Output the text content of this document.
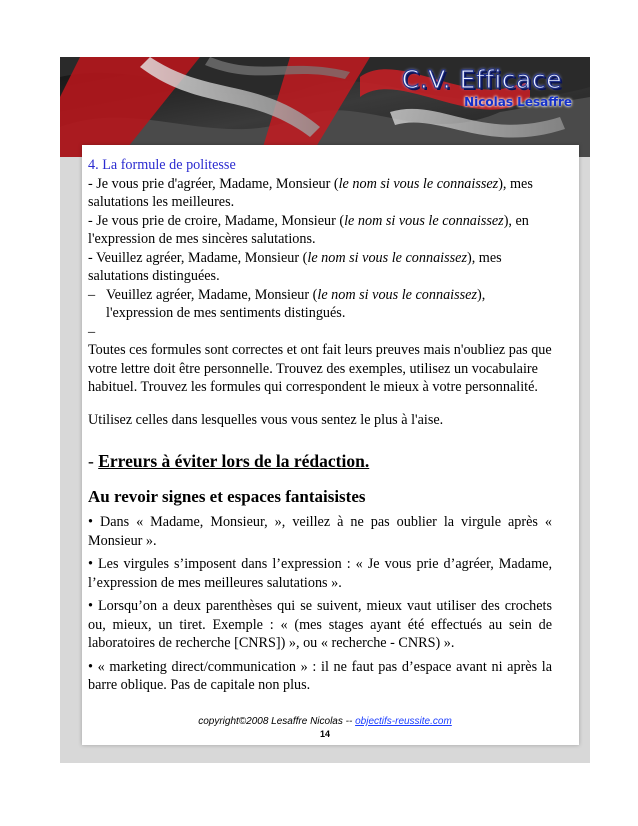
C.V. Efficace
Nicolas Lesaffre

4. La formule de politesse

- Je vous prie d'agréer, Madame, Monsieur (le nom si vous le connaissez), mes salutations les meilleures.

- Je vous prie de croire, Madame, Monsieur (le nom si vous le connaissez), en l'expression de mes sincères salutations.

- Veuillez agréer, Madame, Monsieur (le nom si vous le connaissez), mes salutations distinguées.

– Veuillez agréer, Madame, Monsieur (le nom si vous le connaissez), l'expression de mes sentiments distingués.

–

Toutes ces formules sont correctes et ont fait leurs preuves mais n'oubliez pas que votre lettre doit être personnelle. Trouvez des exemples, utilisez un vocabulaire habituel. Trouvez les formules qui correspondent le mieux à votre personnalité.

Utilisez celles dans lesquelles vous vous sentez le plus à l'aise.

- Erreurs à éviter lors de la rédaction.

Au revoir signes et espaces fantaisistes

• Dans « Madame, Monsieur, », veillez à ne pas oublier la virgule après « Monsieur ».

• Les virgules s’imposent dans l’expression : « Je vous prie d’agréer, Madame, l’expression de mes meilleures salutations ».

• Lorsqu’on a deux parenthèses qui se suivent, mieux vaut utiliser des crochets ou, mieux, un tiret. Exemple : « (mes stages ayant été effectués au sein de laboratoires de recherche [CNRS]) », ou « recherche - CNRS) ».

• « marketing direct/communication » : il ne faut pas d’espace avant ni après la barre oblique. Pas de capitale non plus.

copyright©2008 Lesaffre Nicolas -- objectifs-reussite.com
14
